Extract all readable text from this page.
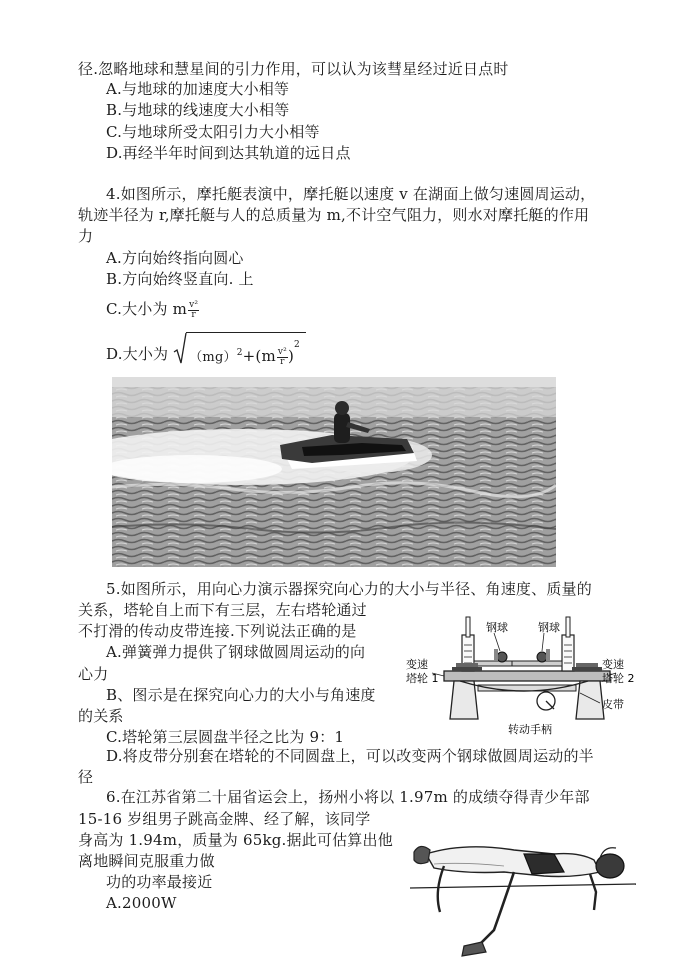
径.忽略地球和慧星间的引力作用，可以认为该彗星经过近日点时
A.与地球的加速度大小相等
B.与地球的线速度大小相等
C.与地球所受太阳引力大小相等
D.再经半年时间到达其轨道的远日点
4.如图所示，摩托艇表演中，摩托艇以速度 v 在湖面上做匀速圆周运动，
轨迹半径为 r,摩托艇与人的总质量为 m,不计空气阻力，则水对摩托艇的作用
力
A.方向始终指向圆心
B.方向始终竖直向. 上
C.大小为 m $\frac{\text{v²}}{r}$
D.大小为 $(mg)^2+(m \frac{\text{v²}}{r} )^2$
5.如图所示，用向心力演示器探究向心力的大小与半径、角速度、质量的
关系，塔轮自上而下有三层，左右塔轮通过
不打滑的传动皮带连接.下列说法正确的是
A.弹簧弹力提供了钢球做圆周运动的向
心力
B、图示是在探究向心力的大小与角速度
的关系
C.塔轮第三层圆盘半径之比为 9：1
D.将皮带分别套在塔轮的不同圆盘上，可以改变两个钢球做圆周运动的半
径
钢球	钢球
变速
塔轮 1
变速
塔轮 2
皮带
转动手柄
6.在江苏省第二十届省运会上，扬州小将以 1.97m 的成绩夺得青少年部
15-16 岁组男子跳高金牌、经了解，该同学
身高为 1.94m，质量为 65kg.据此可估算出他
离地瞬间克服重力做
功的功率最接近
A.2000W
